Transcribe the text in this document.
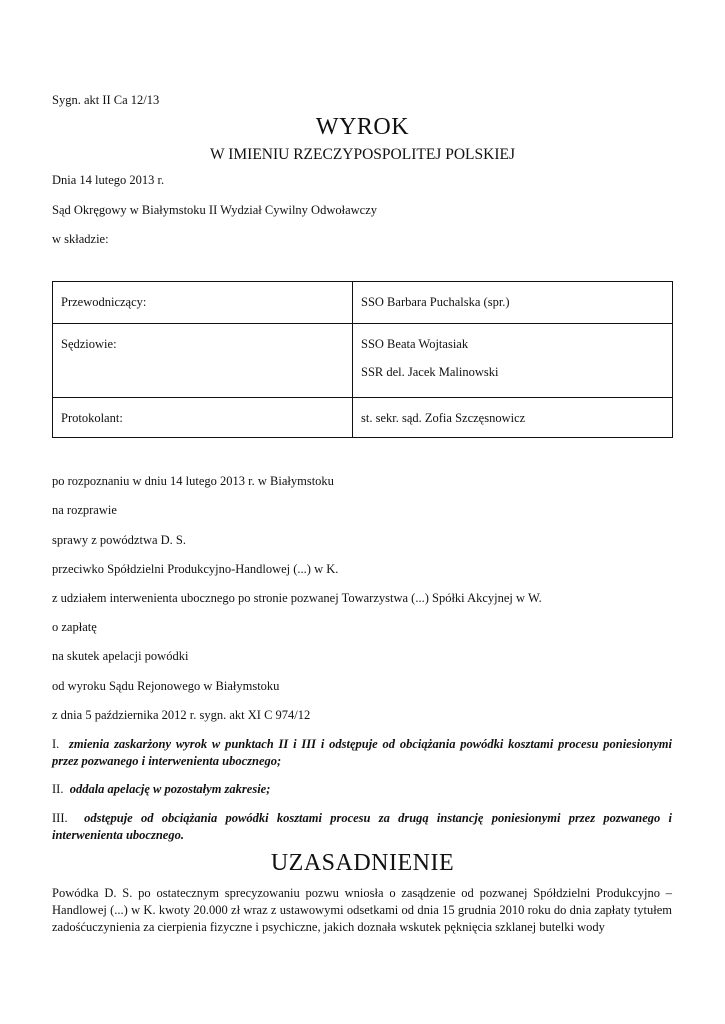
Sygn. akt II Ca 12/13
WYROK
W IMIENIU RZECZYPOSPOLITEJ POLSKIEJ
Dnia 14 lutego 2013 r.
Sąd Okręgowy w Białymstoku II Wydział Cywilny Odwoławczy
w składzie:
Przewodniczący:	SSO Barbara Puchalska (spr.)
Sędziowie:	SSO Beata Wojtasiak
SSR del. Jacek Malinowski

Protokolant:	st. sekr. sąd. Zofia Szczęsnowicz
po rozpoznaniu w dniu 14 lutego 2013 r. w Białymstoku
na rozprawie
sprawy z powództwa D. S.
przeciwko Spółdzielni Produkcyjno-Handlowej (...) w K.
z udziałem interwenienta ubocznego po stronie pozwanej Towarzystwa (...) Spółki Akcyjnej w W.
o zapłatę
na skutek apelacji powódki
od wyroku Sądu Rejonowego w Białymstoku
z dnia 5 października 2012 r. sygn. akt XI C 974/12
I. zmienia zaskarżony wyrok w punktach II i III i odstępuje od obciążania powódki kosztami procesu poniesionymi przez pozwanego i interwenienta ubocznego;
II. oddala apelację w pozostałym zakresie;
III. odstępuje od obciążania powódki kosztami procesu za drugą instancję poniesionymi przez pozwanego i interwenienta ubocznego.
UZASADNIENIE
Powódka D. S. po ostatecznym sprecyzowaniu pozwu wniosła o zasądzenie od pozwanej Spółdzielni Produkcyjno – Handlowej (...) w K. kwoty 20.000 zł wraz z ustawowymi odsetkami od dnia 15 grudnia 2010 roku do dnia zapłaty tytułem zadośćuczynienia za cierpienia fizyczne i psychiczne, jakich doznała wskutek pęknięcia szklanej butelki wody
